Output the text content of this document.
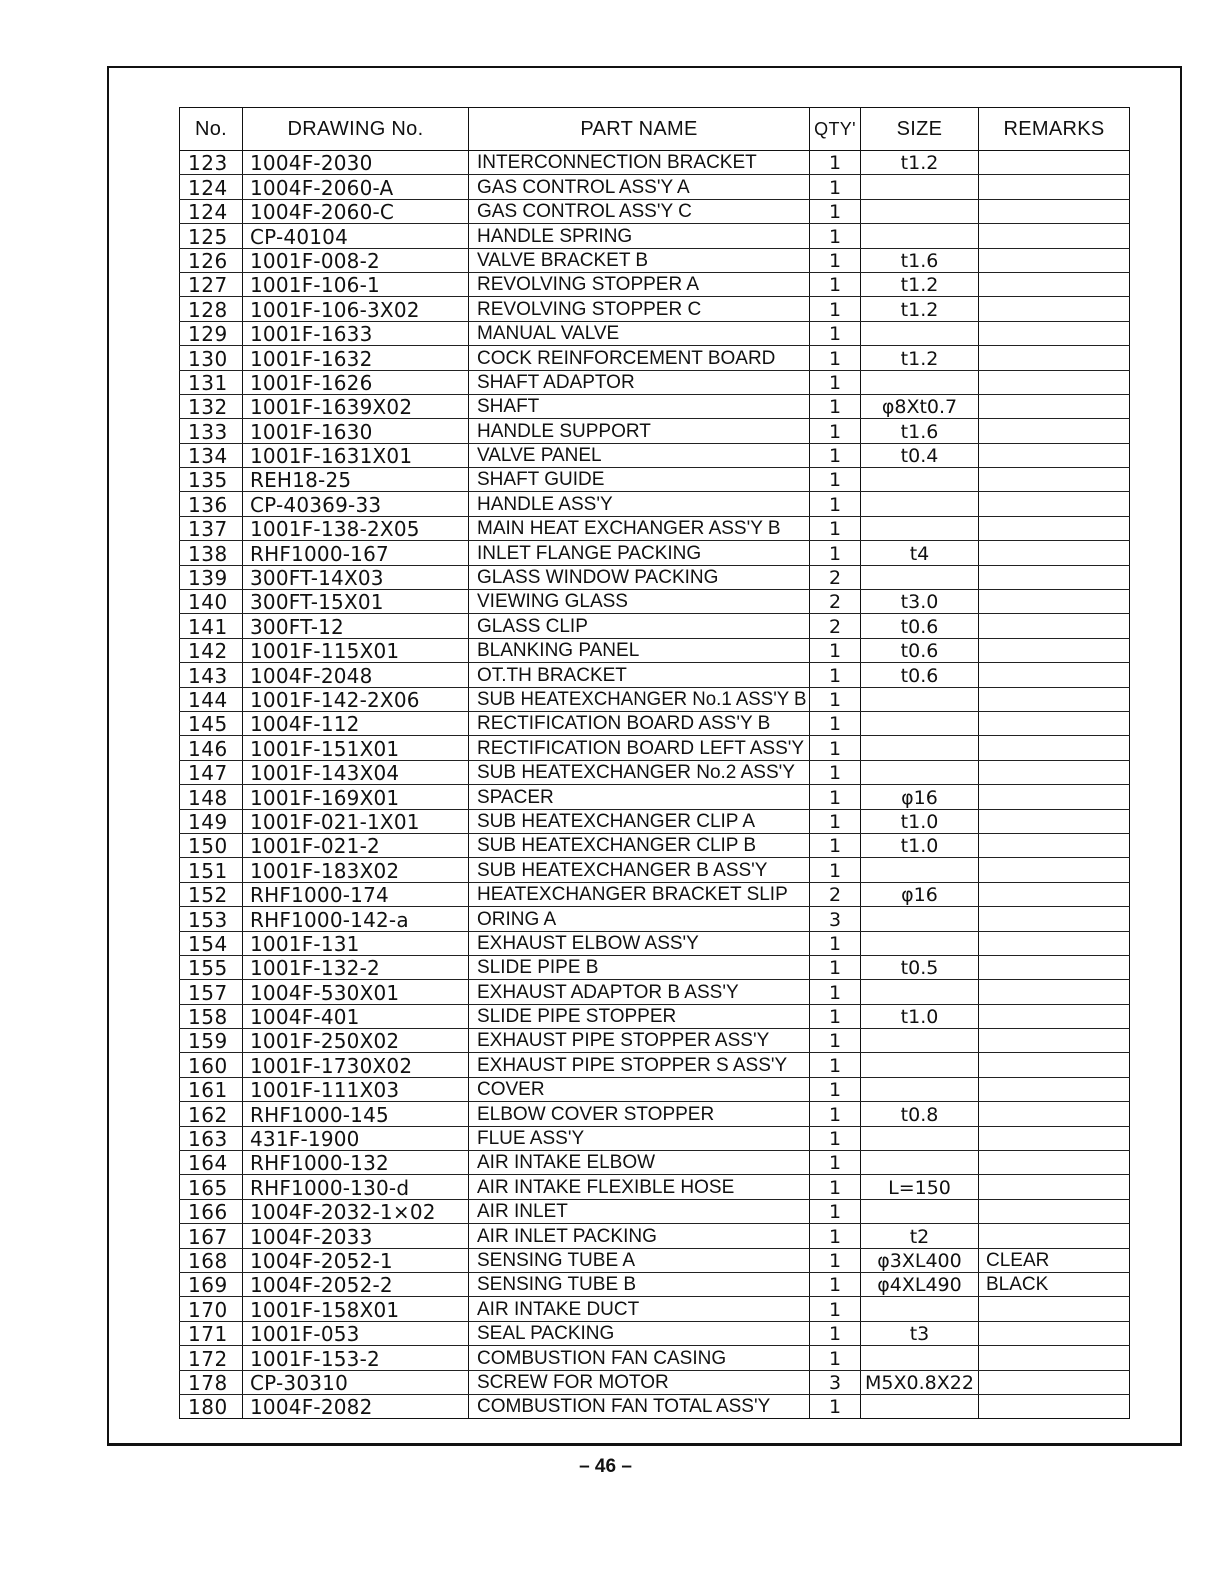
No.	DRAWING No.	PART NAME	QTY'	SIZE	REMARKS
123	1004F-2030	INTERCONNECTION BRACKET	1	t1.2	
124	1004F-2060-A	GAS CONTROL ASS'Y A	1		
124	1004F-2060-C	GAS CONTROL ASS'Y C	1		
125	CP-40104	HANDLE SPRING	1		
126	1001F-008-2	VALVE BRACKET B	1	t1.6	
127	1001F-106-1	REVOLVING STOPPER A	1	t1.2	
128	1001F-106-3X02	REVOLVING STOPPER C	1	t1.2	
129	1001F-1633	MANUAL VALVE	1		
130	1001F-1632	COCK REINFORCEMENT BOARD	1	t1.2	
131	1001F-1626	SHAFT ADAPTOR	1		
132	1001F-1639X02	SHAFT	1	φ8Xt0.7	
133	1001F-1630	HANDLE SUPPORT	1	t1.6	
134	1001F-1631X01	VALVE PANEL	1	t0.4	
135	REH18-25	SHAFT GUIDE	1		
136	CP-40369-33	HANDLE ASS'Y	1		
137	1001F-138-2X05	MAIN HEAT EXCHANGER ASS'Y B	1		
138	RHF1000-167	INLET FLANGE PACKING	1	t4	
139	300FT-14X03	GLASS WINDOW PACKING	2		
140	300FT-15X01	VIEWING GLASS	2	t3.0	
141	300FT-12	GLASS CLIP	2	t0.6	
142	1001F-115X01	BLANKING PANEL	1	t0.6	
143	1004F-2048	OT.TH BRACKET	1	t0.6	
144	1001F-142-2X06	SUB HEATEXCHANGER No.1 ASS'Y B	1		
145	1004F-112	RECTIFICATION BOARD ASS'Y B	1		
146	1001F-151X01	RECTIFICATION BOARD LEFT ASS'Y	1		
147	1001F-143X04	SUB HEATEXCHANGER No.2 ASS'Y	1		
148	1001F-169X01	SPACER	1	φ16	
149	1001F-021-1X01	SUB HEATEXCHANGER CLIP A	1	t1.0	
150	1001F-021-2	SUB HEATEXCHANGER CLIP B	1	t1.0	
151	1001F-183X02	SUB HEATEXCHANGER B ASS'Y	1		
152	RHF1000-174	HEATEXCHANGER BRACKET SLIP	2	φ16	
153	RHF1000-142-a	ORING A	3		
154	1001F-131	EXHAUST ELBOW ASS'Y	1		
155	1001F-132-2	SLIDE PIPE B	1	t0.5	
157	1004F-530X01	EXHAUST ADAPTOR B ASS'Y	1		
158	1004F-401	SLIDE PIPE STOPPER	1	t1.0	
159	1001F-250X02	EXHAUST PIPE STOPPER ASS'Y	1		
160	1001F-1730X02	EXHAUST PIPE STOPPER S ASS'Y	1		
161	1001F-111X03	COVER	1		
162	RHF1000-145	ELBOW COVER STOPPER	1	t0.8	
163	431F-1900	FLUE ASS'Y	1		
164	RHF1000-132	AIR INTAKE ELBOW	1		
165	RHF1000-130-d	AIR INTAKE FLEXIBLE HOSE	1	L=150	
166	1004F-2032-1×02	AIR INLET	1		
167	1004F-2033	AIR INLET PACKING	1	t2	
168	1004F-2052-1	SENSING TUBE A	1	φ3XL400	CLEAR
169	1004F-2052-2	SENSING TUBE B	1	φ4XL490	BLACK
170	1001F-158X01	AIR INTAKE DUCT	1		
171	1001F-053	SEAL PACKING	1	t3	
172	1001F-153-2	COMBUSTION FAN CASING	1		
178	CP-30310	SCREW FOR MOTOR	3	M5X0.8X22	
180	1004F-2082	COMBUSTION FAN TOTAL ASS'Y	1		
– 46 –
